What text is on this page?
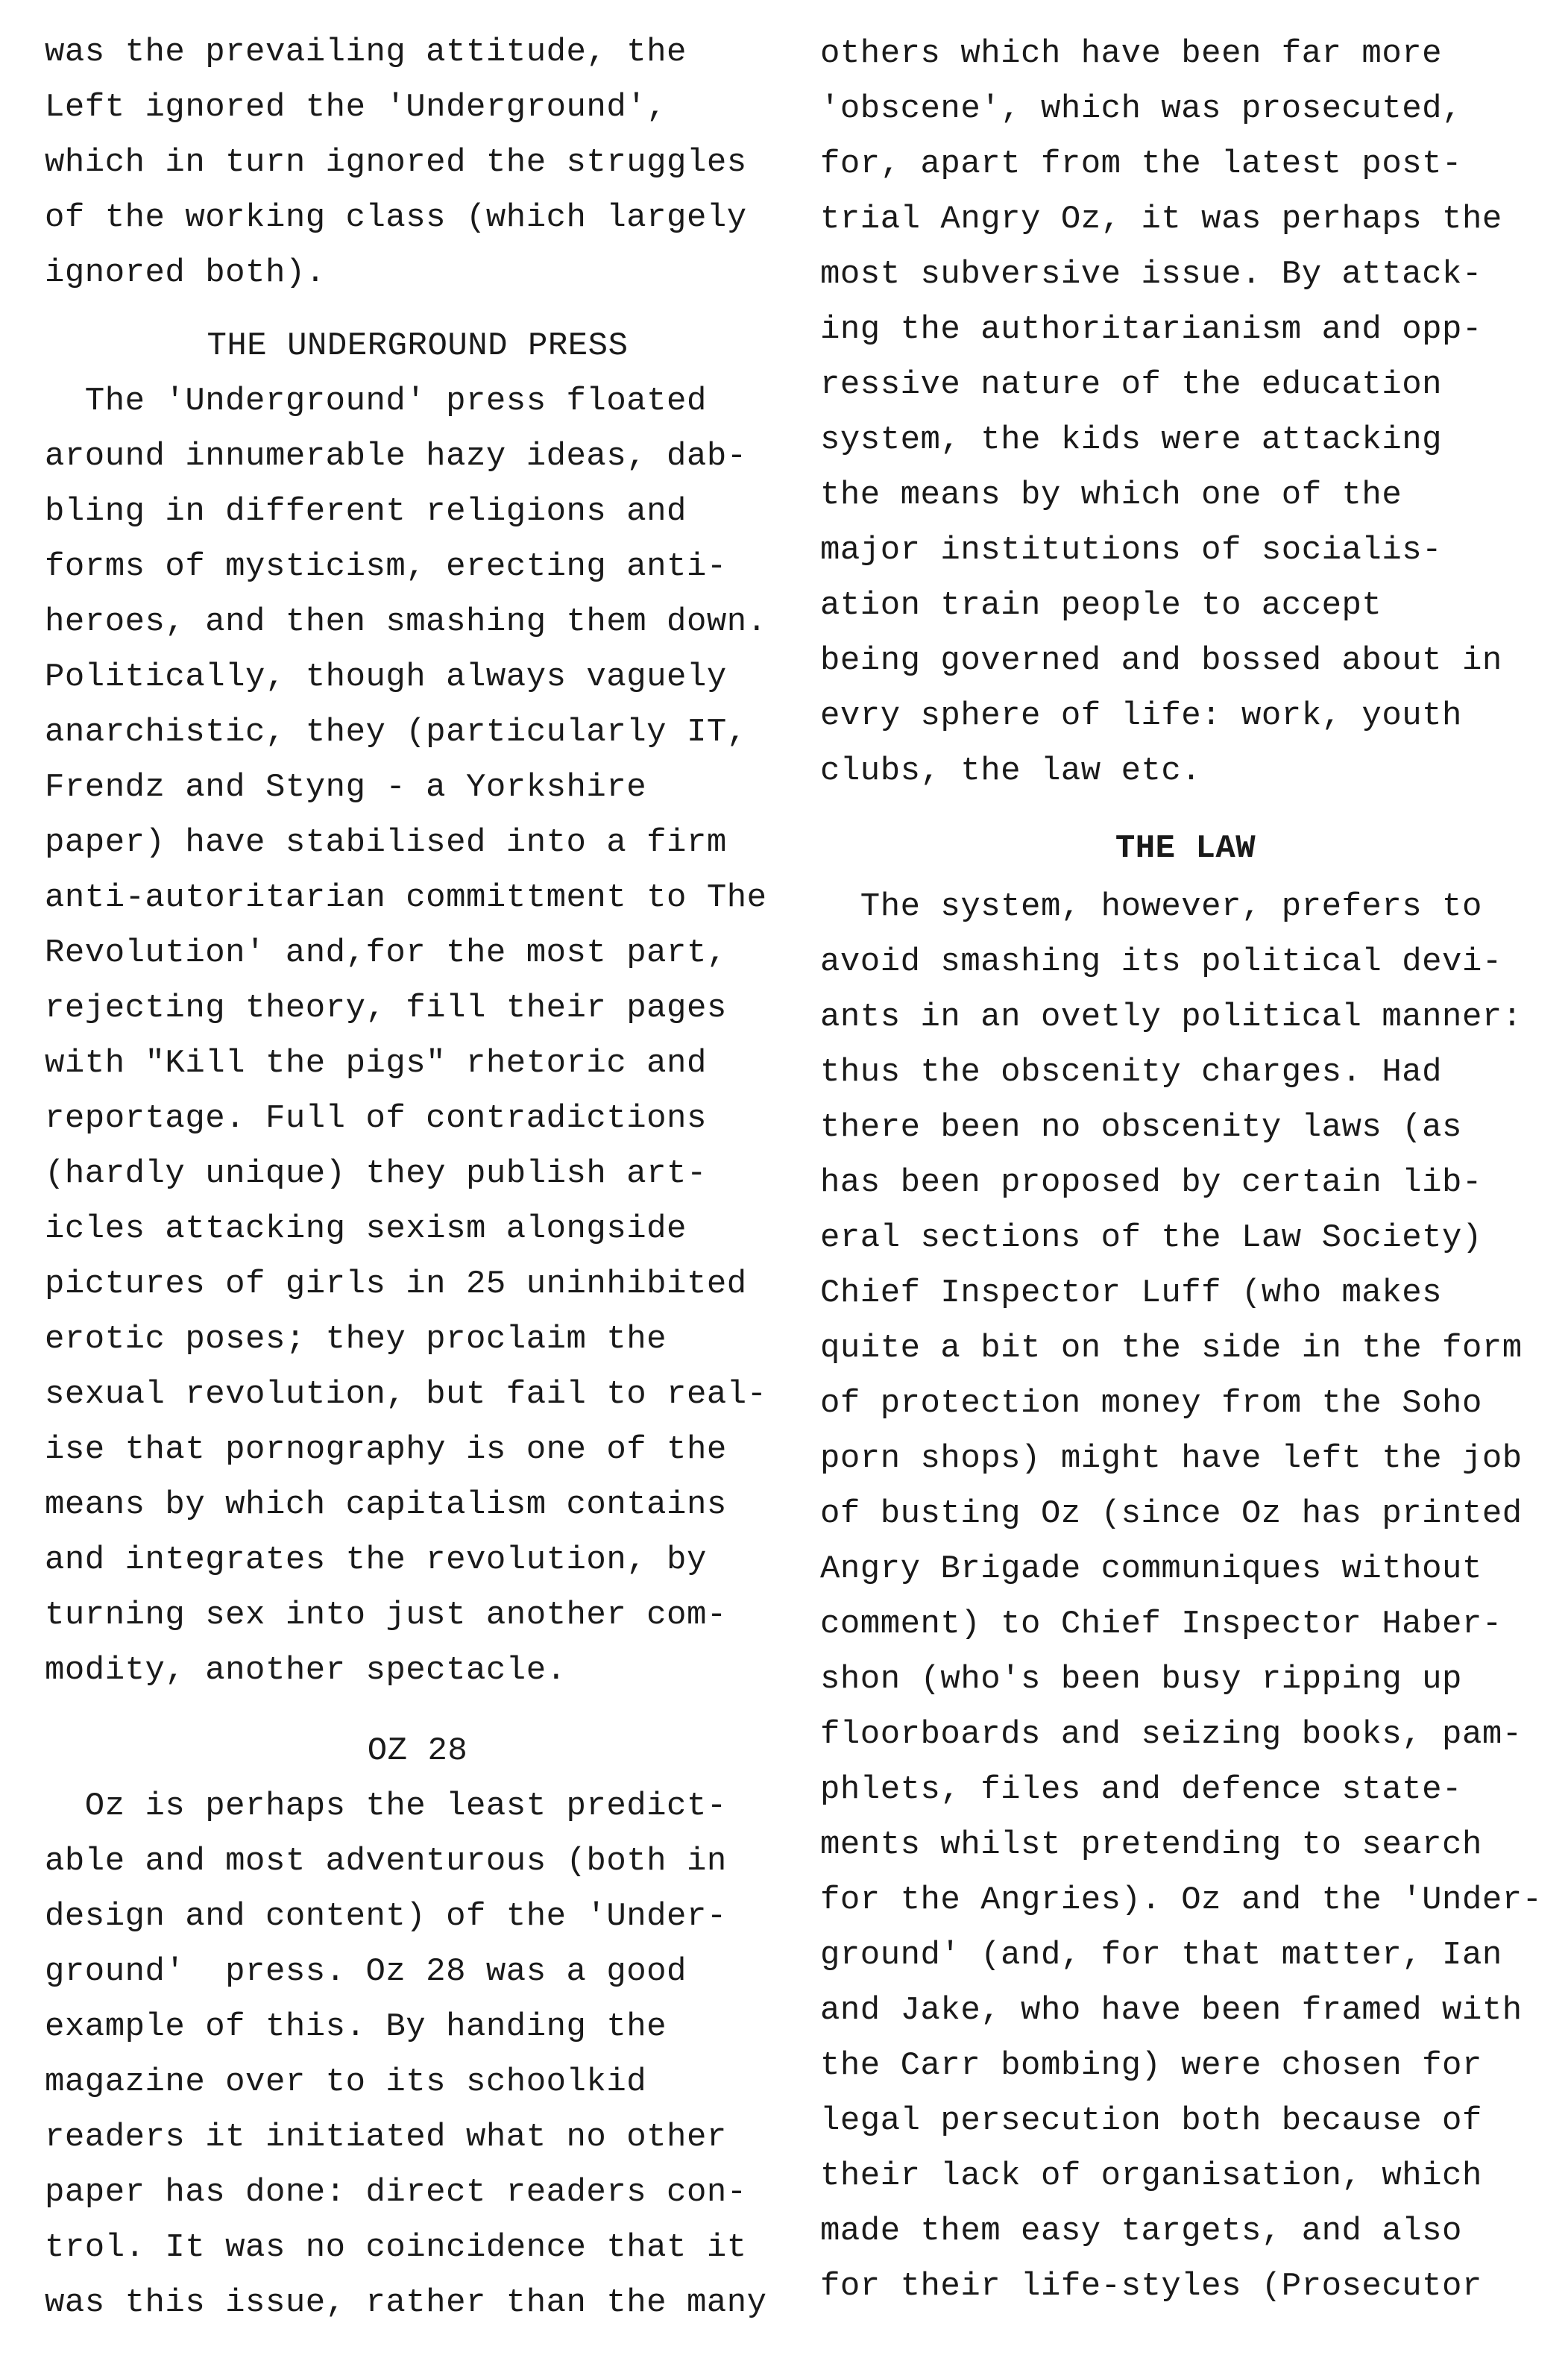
was the prevailing attitude, the
Left ignored the 'Underground',
which in turn ignored the struggles
of the working class (which largely
ignored both).
THE UNDERGROUND PRESS
The 'Underground' press floated
around innumerable hazy ideas, dab-
bling in different religions and
forms of mysticism, erecting anti-
heroes, and then smashing them down.
Politically, though always vaguely
anarchistic, they (particularly IT,
Frendz and Styng - a Yorkshire
paper) have stabilised into a firm
anti-autoritarian committment to The
Revolution' and,for the most part,
rejecting theory, fill their pages
with "Kill the pigs" rhetoric and
reportage. Full of contradictions
(hardly unique) they publish art-
icles attacking sexism alongside
pictures of girls in 25 uninhibited
erotic poses; they proclaim the
sexual revolution, but fail to real-
ise that pornography is one of the
means by which capitalism contains
and integrates the revolution, by
turning sex into just another com-
modity, another spectacle.
OZ 28
Oz is perhaps the least predict-
able and most adventurous (both in
design and content) of the 'Under-
ground'  press. Oz 28 was a good
example of this. By handing the
magazine over to its schoolkid
readers it initiated what no other
paper has done: direct readers con-
trol. It was no coincidence that it
was this issue, rather than the many
others which have been far more
'obscene', which was prosecuted,
for, apart from the latest post-
trial Angry Oz, it was perhaps the
most subversive issue. By attack-
ing the authoritarianism and opp-
ressive nature of the education
system, the kids were attacking
the means by which one of the
major institutions of socialis-
ation train people to accept
being governed and bossed about in
evry sphere of life: work, youth
clubs, the law etc.
THE LAW
The system, however, prefers to
avoid smashing its political devi-
ants in an ovetly political manner:
thus the obscenity charges. Had
there been no obscenity laws (as
has been proposed by certain lib-
eral sections of the Law Society)
Chief Inspector Luff (who makes
quite a bit on the side in the form
of protection money from the Soho
porn shops) might have left the job
of busting Oz (since Oz has printed
Angry Brigade communiques without
comment) to Chief Inspector Haber-
shon (who's been busy ripping up
floorboards and seizing books, pam-
phlets, files and defence state-
ments whilst pretending to search
for the Angries). Oz and the 'Under-
ground' (and, for that matter, Ian
and Jake, who have been framed with
the Carr bombing) were chosen for
legal persecution both because of
their lack of organisation, which
made them easy targets, and also
for their life-styles (Prosecutor
